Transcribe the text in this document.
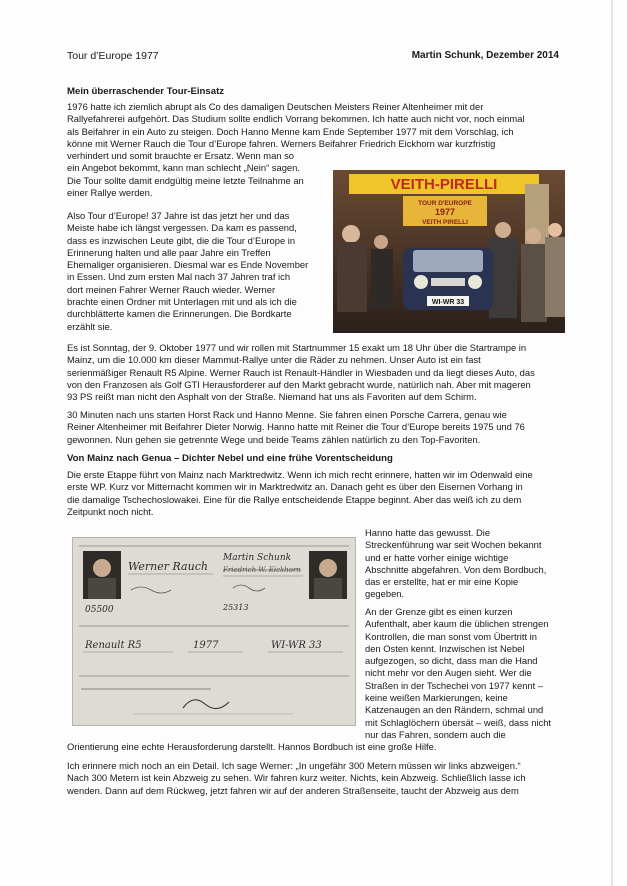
Tour d’Europe 1977	Martin Schunk, Dezember 2014
Mein überraschender Tour-Einsatz
1976 hatte ich ziemlich abrupt als Co des damaligen Deutschen Meisters Reiner Altenheimer mit der
Rallyefahrerei aufgehört. Das Studium sollte endlich Vorrang bekommen. Ich hatte auch nicht vor, noch einmal
als Beifahrer in ein Auto zu steigen. Doch Hanno Menne kam Ende September 1977 mit dem Vorschlag, ich
könne mit Werner Rauch die Tour d’Europe fahren. Werners Beifahrer Friedrich Eickhorn war kurzfristig
verhindert und somit brauchte er Ersatz. Wenn man so
ein Angebot bekommt, kann man schlecht „Nein“ sagen.
Die Tour sollte damit endgültig meine letzte Teilnahme an
einer Rallye werden.
Also Tour d’Europe! 37 Jahre ist das jetzt her und das
Meiste habe ich längst vergessen. Da kam es passend,
dass es inzwischen Leute gibt, die die Tour d’Europe in
Erinnerung halten und alle paar Jahre ein Treffen
Ehemaliger organisieren. Diesmal war es Ende November
in Essen. Und zum ersten Mal nach 37 Jahren traf ich
dort meinen Fahrer Werner Rauch wieder. Werner
brachte einen Ordner mit Unterlagen mit und als ich die
durchblätterte kamen die Erinnerungen. Die Bordkarte
erzählt sie.
VEITH-PIRELLI
TOUR D'EUROPE
1977
VEITH PIRELLI
WI-WR 33
Es ist Sonntag, der 9. Oktober 1977 und wir rollen mit Startnummer 15 exakt um 18 Uhr über die Startrampe in
Mainz, um die 10.000 km dieser Mammut-Rallye unter die Räder zu nehmen. Unser Auto ist ein fast
serienmäßiger Renault R5 Alpine. Werner Rauch ist Renault-Händler in Wiesbaden und da liegt dieses Auto, das
von den Franzosen als Golf GTI Herausforderer auf den Markt gebracht wurde, natürlich nah. Aber mit mageren
93 PS reißt man nicht den Asphalt von der Straße. Niemand hat uns als Favoriten auf dem Schirm.
30 Minuten nach uns starten Horst Rack und Hanno Menne. Sie fahren einen Porsche Carrera, genau wie
Reiner Altenheimer mit Beifahrer Dieter Norwig. Hanno hatte mit Reiner die Tour d’Europe bereits 1975 und 76
gewonnen. Nun gehen sie getrennte Wege und beide Teams zählen natürlich zu den Top-Favoriten.
Von Mainz nach Genua – Dichter Nebel und eine frühe Vorentscheidung
Die erste Etappe führt von Mainz nach Marktredwitz. Wenn ich mich recht erinnere, hatten wir im Odenwald eine
erste WP. Kurz vor Mitternacht kommen wir in Marktredwitz an. Danach geht es über den Eisernen Vorhang in
die damalige Tschechoslowakei. Eine für die Rallye entscheidende Etappe beginnt. Aber das weiß ich zu dem
Zeitpunkt noch nicht.
Werner Rauch
Martin Schunk
Friedrich W. Eickhorn
05500	25313
Renault R5	1977	WI-WR 33
Hanno hatte das gewusst. Die
Streckenführung war seit Wochen bekannt
und er hatte vorher einige wichtige
Abschnitte abgefahren. Von dem Bordbuch,
das er erstellte, hat er mir eine Kopie
gegeben.
An der Grenze gibt es einen kurzen
Aufenthalt, aber kaum die üblichen strengen
Kontrollen, die man sonst vom Übertritt in
den Osten kennt. Inzwischen ist Nebel
aufgezogen, so dicht, dass man die Hand
nicht mehr vor den Augen sieht. Wer die
Straßen in der Tschechei von 1977 kennt –
keine weißen Markierungen, keine
Katzenaugen an den Rändern, schmal und
mit Schlaglöchern übersät – weiß, dass nicht
nur das Fahren, sondern auch die
Orientierung eine echte Herausforderung darstellt. Hannos Bordbuch ist eine große Hilfe.
Ich erinnere mich noch an ein Detail. Ich sage Werner: „In ungefähr 300 Metern müssen wir links abzweigen.“
Nach 300 Metern ist kein Abzweig zu sehen. Wir fahren kurz weiter. Nichts, kein Abzweig. Schließlich lasse ich
wenden. Dann auf dem Rückweg, jetzt fahren wir auf der anderen Straßenseite, taucht der Abzweig aus dem
